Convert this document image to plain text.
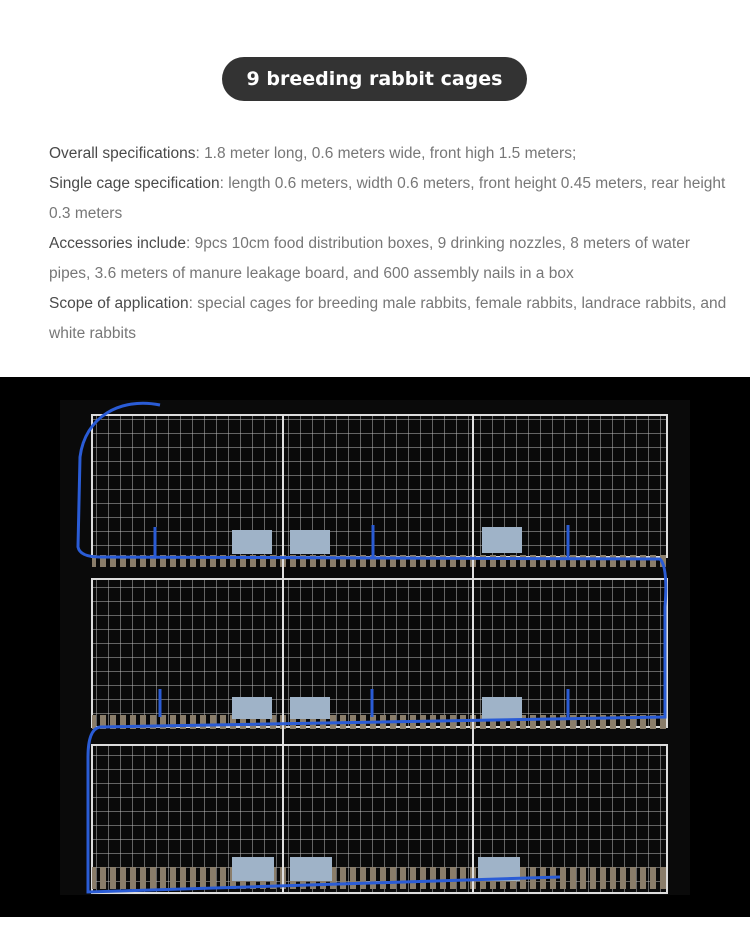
9 breeding rabbit cages

Overall specifications: 1.8 meter long, 0.6 meters wide, front high 1.5 meters;

Single cage specification: length 0.6 meters, width 0.6 meters, front height 0.45 meters, rear height 0.3 meters

Accessories include: 9pcs 10cm food distribution boxes, 9 drinking nozzles, 8 meters of water pipes, 3.6 meters of manure leakage board, and 600 assembly nails in a box

Scope of application: special cages for breeding male rabbits, female rabbits, landrace rabbits, and white rabbits
